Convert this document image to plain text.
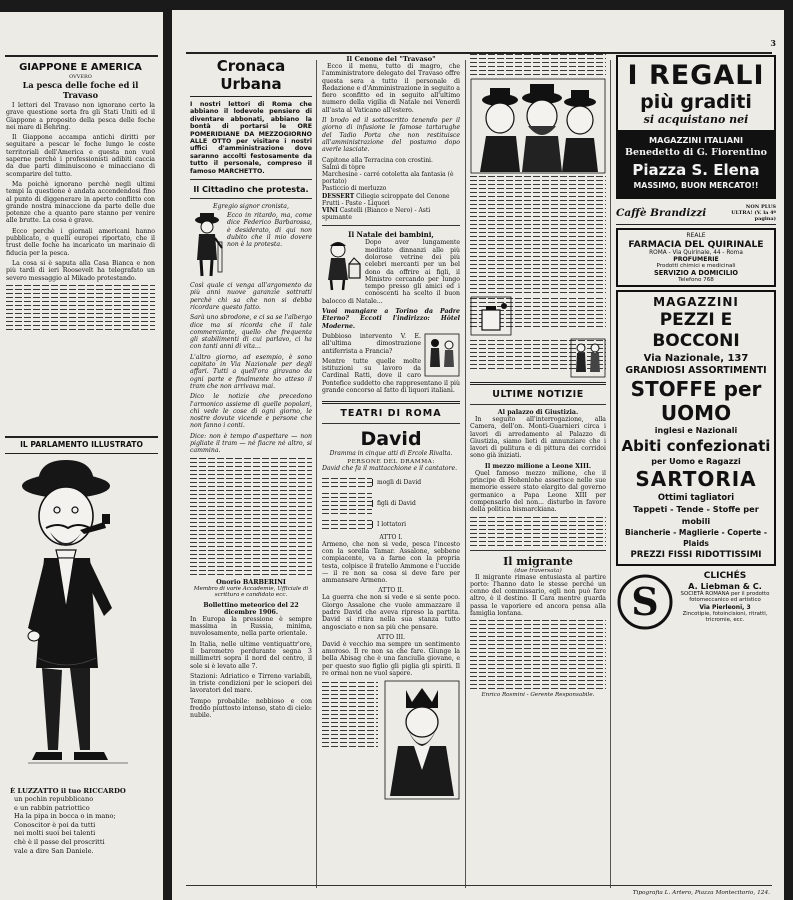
GIAPPONE E AMERICA
OVVERO
La pesca delle foche ed il Travaso

I lettori del Travaso non ignorano certo la grave questione sorta fra gli Stati Uniti ed il Giappone a proposito della pesca delle foche nei mare di Behring.

Il Giappone accampa antichi diritti per seguitare a pescar le foche lungo le coste territoriali dell'America e questa non vuol saperne perchè i professionisti adibiti caccia da due parti diminuiscono e minacciano di scomparire del tutto.

Ma poichè ignorano perchè negli ultimi tempi la questione è andata accendendosi fino al punto di diggenerare in aperto conflitto con grande nostra minaccione da parte delle due potenze che a quanto pare stanno per venire alle brutte. La cosa è grave.

Ecco perchè i giornali americani hanno pubblicato, e quelli europei riportato, che il trust delle foche ha incaricato un marinaio di fiducia per la pesca.

La cosa si è saputa alla Casa Bianca e non più tardi di ieri Roosevelt ha telegrafato un severo messaggio al Mikado protestando.

IL PARLAMENTO ILLUSTRATO
È LUZZATTO il tuo RICCARDO
un pochin repubblicano
e un rabbin patriottico
Ha la pipa in bocca o in mano;
Conoscitor è poi da tutti
nei molti suoi bei talenti
chè è il passe del proscritti
vale a dire San Daniele.
3
Cronaca Urbana

I nostri lettori di Roma che abbiano il lodevole pensiero di diventare abbonati, abbiano la bontà di portarsi le ORE POMERIDIANE DA MEZZOGIORNO ALLE OTTO per visitare i nostri uffici d'amministrazione dove saranno accolti festosamente da tutto il personale, compreso il famoso MARCHETTO.

Il Cittadino che protesta.
Egregio signor cronista,

Ecco in ritardo, ma, come dice Federico Barbarossa, è desiderato, di qui non dubito che il mio dovere non è la protesta.

Così quale ci venga all'argomento da più anni nuove garanzie sottratti perchè chi sa che non si debba ricordare questo fatto.

Sarà uno sbrodone, e ci sa se l'albergo dice ma si ricorda che il tale commerciante, quello che frequenta gli stabilimenti di cui parlavo, ci ha con tanti anni di vita...

L'altro giorno, ad esempio, è sono capitato in Via Nazionale per degli affari. Tutti a quell'ora giravano da ogni parte e finalmente ho atteso il tram che non arrivava mai.

Dico le notizie che precedono l'armonico assieme di quelle popolari, chi vede le cose di ogni giorno, le nostre dovute vicende e persone che non fanno i conti.

Dice: non è tempo d'aspettare — non pigliate il tram — né fiacre né altro, si cammina.

Onorio BARBERINI
Membro di varie Accademie, Ufficiale di scrittura e candidato ecc.
Bollettino meteorico del 22 dicembre 1906.

In Europa la pressione è sempre massima in Russia, minima, nuvolosamente, nella parte orientale.

In Italia, nelle ultime ventiquattr'ore, il barometro perdurante segna 3 millimetri sopra il nord del centro, il sole si è levato alle 7.

Stazioni: Adriatico e Tirreno variabili, in triste condizioni per le scioperi dei lavoratori del mare.

Tempo probabile: nebbioso e con freddo piuttosto intenso, stato di cielo: nubile.

Il Cenone del "Travaso"

Ecco il menu, tutto di magro, che l'amministratore delegato del Travaso offre questa sera a tutto il personale di Redazione e d'Amministrazione in seguito a fiero sconfitto ed in seguito all'ultimo numero della vigilia di Natale nei Venerdì all'asta al Vaticano all'estero.

Il brodo ed il sottoscritto tenendo per il giorno di infusione le famose tartarughe del Tadio Porta che non restituisce all'amministrazione del postumo dopo averle lasciate.

Capitone alla Terracina con crostini.
Salmì di tòpre
Marchesine - carré cotoletta ala fantasia (è portato)
Pasticcio di merluzzo
DESSERT Ciliegie sciroppate del Cenone
Frutti - Paste - Liquori
VINI Castelli (Bianco e Nero) - Asti spumante
Il Natale dei bambini,

Dopo aver lungamente meditato dinnanzi alle più dolorose vetrine dei più celebri mercanti per un bel dono da offrire ai figli, il Ministro cercando per lungo tempo presso gli amici ed i conoscenti ha scelto il buon balocco di Natale...

Vuoi mangiare a Torino da Padre Eterno? Eccoti l'indirizzo: Hôtel Moderne.

Dubbioso intervento V. E. all'ultima dimostrazione antiferrista a Francia?

Mentre tutte quelle molte istituzioni su lavoro da Cardinal Ratti, dove il caro Pontefice suddetto che rappresentano il più grande concorso al fatto di liquori italiani.

TEATRI DI ROMA
David
Dramma in cinque atti di Ercole Rivalta.
PERSONE DEL DRAMMA:

David che fa il mattacchione e il cantatore.

mogli di David
figli di David
I lottatori
ATTO I.

Armeno, che non si vede, pesca l'incesto con la sorella Tamar. Assalone, sebbene compiacente, va a farne con la propria testa, colpisce il fratello Ammone e l'uccide — il re non sa cosa si deve fare per ammansare Armeno.

ATTO II.

La guerra che non si vede e si sente poco. Giorgo Assalone che vuole ammazzare il padre David che aveva ripreso la partita. David si ritira nella sua stanza tutto angosciato e non sa più che pensare.

ATTO III.

David è vecchio ma sempre un sentimento amoroso. Il re non sa che fare. Giunge la bella Abisag che è una fanciulla giovane, e per questo suo figlio gli piglia gli spiriti. Il re ormai non ne vuol sapere.

ULTIME NOTIZIE
Al palazzo di Giustizia.

In seguito all'interrogazione, alla Camera, dell'on. Monti-Guarnieri circa i lavori di arredamento al Palazzo di Giustizia, siamo lieti di annunziare che i lavori di pulitura e di pittura dei corridoi sono già iniziati.

Il mezzo milione a Leone XIII.

Quel famoso mezzo milione, che il principe di Hohenlohe asserisce nelle sue memorie essere stato elargito dal governo germanico a Papa Leone XIII per compensarlo del non... disturbo in favore della politica bismarckiana.

Il migrante
(due traversata)

Il migrante rimase entusiasta al partire porto: l'hanno dato le stesse perché un cenno del commissario, egli non può fare altro, è il destino. Il Cara mentre guarda passa le vaporiere ed ancora pensa alla famiglia lontana.

Enrico Rosmini - Gerente Responsabile.
I REGALI
più graditi
si acquistano nei
MAGAZZINI ITALIANI
Benedetto di G. Fiorentino
Piazza S. Elena
MASSIMO, BUON MERCATO!!
Caffè Brandizzi	NON PLUS ULTRA! (V. la 4ª pagina)
REALE
FARMACIA DEL QUIRINALE
ROMA - Via Quirinale, 44 - Roma
PROFUMERIE
Prodotti chimici e medicinali
SERVIZIO A DOMICILIO
Telefono 768
MAGAZZINI
PEZZI E BOCCONI
Via Nazionale, 137
GRANDIOSI ASSORTIMENTI
STOFFE per UOMO
inglesi e Nazionali
Abiti confezionati
per Uomo e Ragazzi
SARTORIA
Ottimi tagliatori
Tappeti - Tende - Stoffe per mobili
Biancherie - Maglierie - Coperte - Plaids
PREZZI FISSI RIDOTTISSIMI
S
CLICHÉS
A. Liebman & C.
SOCIETÀ ROMANA per il prodotto fotomeccanico ed artistico
Via Pierleoni, 3
Zincotipie, fotoincisioni, ritratti, tricromie, ecc.
Tipografia L. Artero, Piazza Montecitorio, 124.
